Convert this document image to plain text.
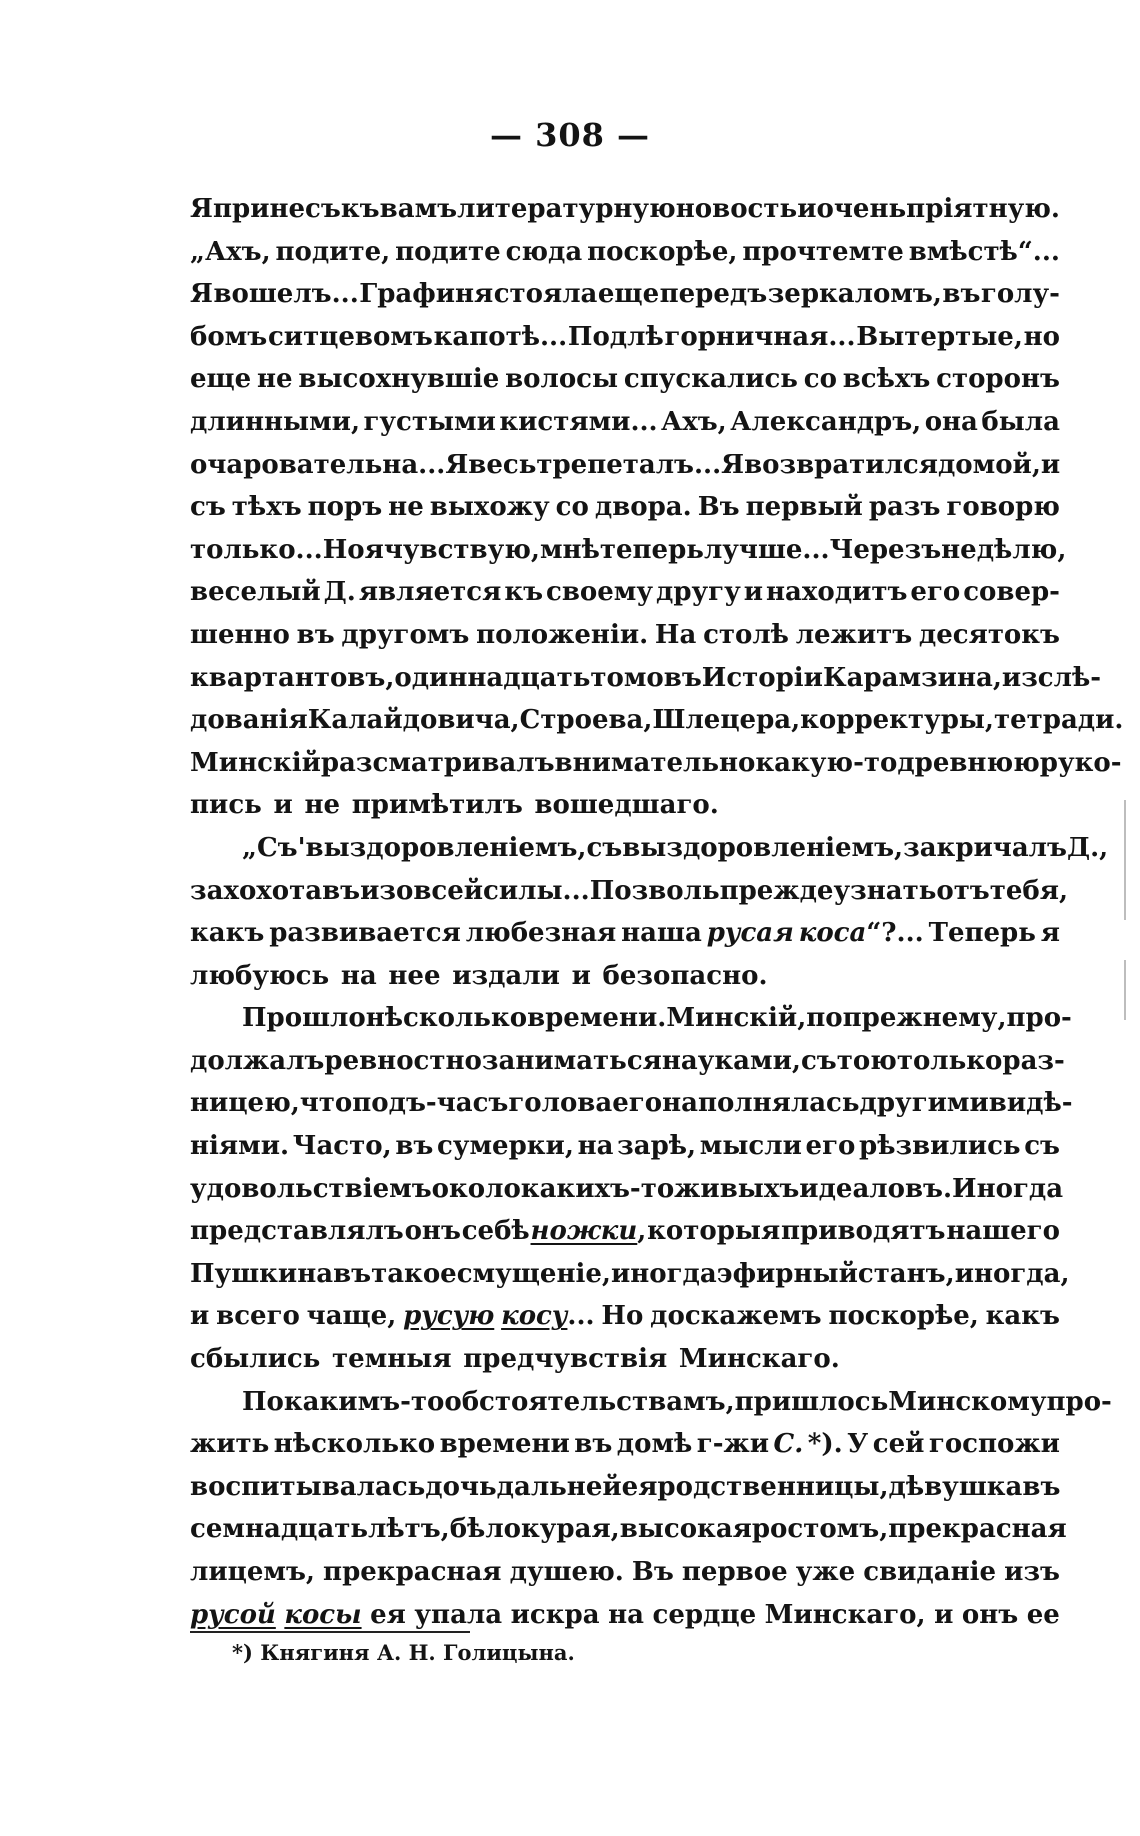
— 308 —
Я принесъ къ вамъ литературную новость и очень пріятную.
„Ахъ, подите, подите сюда поскорѣе, прочтемте вмѣстѣ“...
Я вошелъ... Графиня стояла еще передъ зеркаломъ, въ голу-
бомъ ситцевомъ капотѣ... Подлѣ горничная... Вытертые, но
еще не высохнувшіе волосы спускались со всѣхъ сторонъ
длинными, густыми кистями... Ахъ, Александръ, она была
очаровательна... Я весь трепеталъ... Я возвратился домой, и
съ тѣхъ поръ не выхожу со двора. Въ первый разъ говорю
только... Но я чувствую, мнѣ теперь лучше... Черезъ недѣлю,
веселый Д. является къ своему другу и находитъ его совер-
шенно въ другомъ положеніи. На столѣ лежитъ десятокъ
квартантовъ, одиннадцать томовъ Исторіи Карамзина, изслѣ-
дованія Калайдовича, Строева, Шлецера, корректуры, тетради.
Минскій разсматривалъ внимательно какую-то древнюю руко-
пись и не примѣтилъ вошедшаго.
„Съ 'выздоровленіемъ, съ выздоровленіемъ, закричалъ Д.,
захохотавъ изо всей силы... Позволь прежде узнать отъ тебя,
какъ развивается любезная наша русая коса“?... Теперь я
любуюсь на нее издали и безопасно.
Прошло нѣсколько времени. Минскій, по прежнему, про-
должалъ ревностно заниматься науками, съ тою только раз-
ницею, что подъ-часъ голова его наполнялась другими видѣ-
ніями. Часто, въ сумерки, на зарѣ, мысли его рѣзвились съ
удовольствіемъ около какихъ-то живыхъ идеаловъ. Иногда
представлялъ онъ себѣ ножки, которыя приводятъ нашего
Пушкина въ такое смущеніе, иногда эфирный станъ, иногда,
и всего чаще, русую косу... Но доскажемъ поскорѣе, какъ
сбылись темныя предчувствія Минскаго.
По какимъ-то обстоятельствамъ, пришлось Минскому про-
жить нѣсколько времени въ домѣ г-жи С. *). У сей госпожи
воспитывалась дочь дальней ея родственницы, дѣвушка въ
семнадцать лѣтъ, бѣлокурая, высокая ростомъ, прекрасная
лицемъ, прекрасная душею. Въ первое уже свиданіе изъ
русой косы ея упала искра на сердце Минскаго, и онъ ее
*) Княгиня А. Н. Голицына.
